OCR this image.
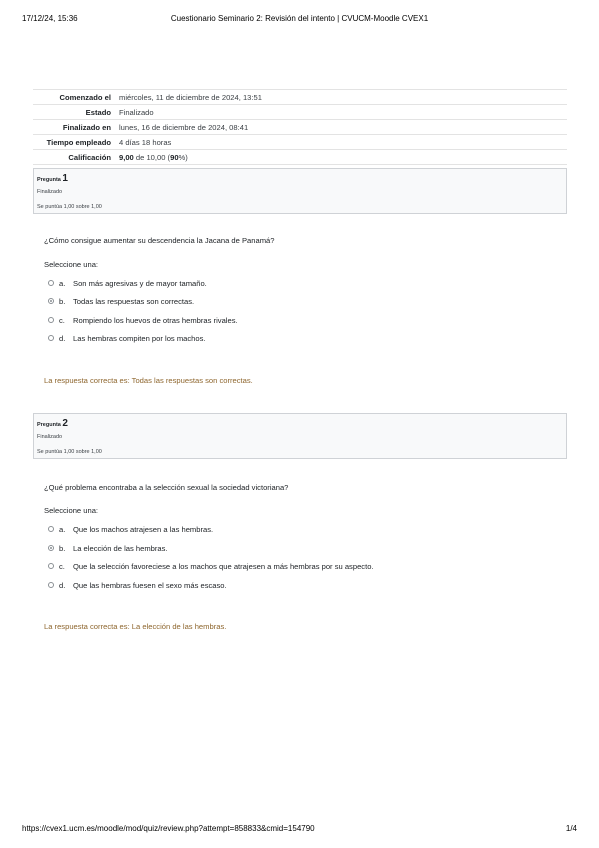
17/12/24, 15:36	Cuestionario Seminario 2: Revisión del intento | CVUCM-Moodle CVEX1
Comenzado el	miércoles, 11 de diciembre de 2024, 13:51
Estado	Finalizado
Finalizado en	lunes, 16 de diciembre de 2024, 08:41
Tiempo empleado	4 días 18 horas
Calificación	9,00 de 10,00 (90%)
Pregunta 1
Finalizado
Se puntúa 1,00 sobre 1,00
¿Cómo consigue aumentar su descendencia la Jacana de Panamá?
Seleccione una:
a.	Son más agresivas y de mayor tamaño.
b.	Todas las respuestas son correctas.
c.	Rompiendo los huevos de otras hembras rivales.
d.	Las hembras compiten por los machos.
La respuesta correcta es: Todas las respuestas son correctas.
Pregunta 2
Finalizado
Se puntúa 1,00 sobre 1,00
¿Qué problema encontraba a la selección sexual la sociedad victoriana?
Seleccione una:
a.	Que los machos atrajesen a las hembras.
b.	La elección de las hembras.
c.	Que la selección favoreciese a los machos que atrajesen a más hembras por su aspecto.
d.	Que las hembras fuesen el sexo más escaso.
La respuesta correcta es: La elección de las hembras.
https://cvex1.ucm.es/moodle/mod/quiz/review.php?attempt=858833&cmid=154790	1/4
